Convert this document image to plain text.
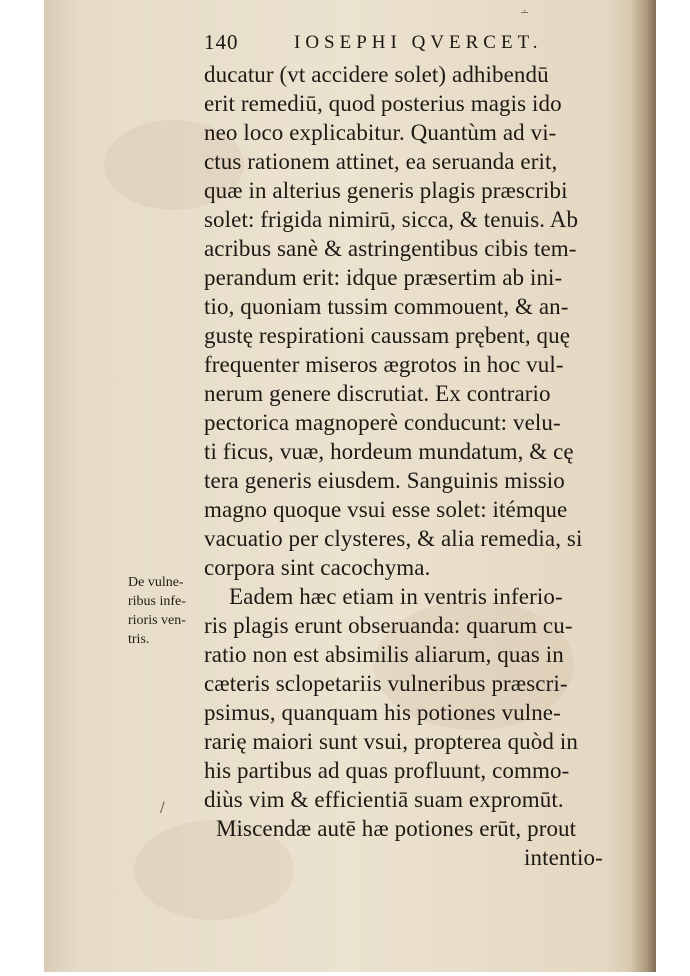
140	IOSEPHI QVERCET.
ducatur (vt accidere solet) adhibendū
erit remediū, quod posterius magis ido
neo loco explicabitur. Quantùm ad vi-
ctus rationem attinet, ea seruanda erit,
quæ in alterius generis plagis præscribi
solet: frigida nimirū, sicca, & tenuis. Ab
acribus sanè & astringentibus cibis tem-
perandum erit: idque præsertim ab ini-
tio, quoniam tussim commouent, & an-
gustę respirationi caussam prębent, quę
frequenter miseros ægrotos in hoc vul-
nerum genere discrutiat. Ex contrario
pectorica magnoperè conducunt: velu-
ti ficus, vuæ, hordeum mundatum, & cę
tera generis eiusdem. Sanguinis missio
magno quoque vsui esse solet: itémque
vacuatio per clysteres, & alia remedia, si
corpora sint cacochyma.
Eadem hæc etiam in ventris inferio-
ris plagis erunt obseruanda: quarum cu-
ratio non est absimilis aliarum, quas in
cæteris sclopetariis vulneribus præscri-
psimus, quanquam his potiones vulne-
rarię maiori sunt vsui, propterea quòd in
his partibus ad quas profluunt, commo-
diùs vim & efficientiā suam expromūt.
Miscendæ autē hæ potiones erūt, prout
intentio-
De vulne-
ribus infe-
rioris ven-
tris.
/
∸
